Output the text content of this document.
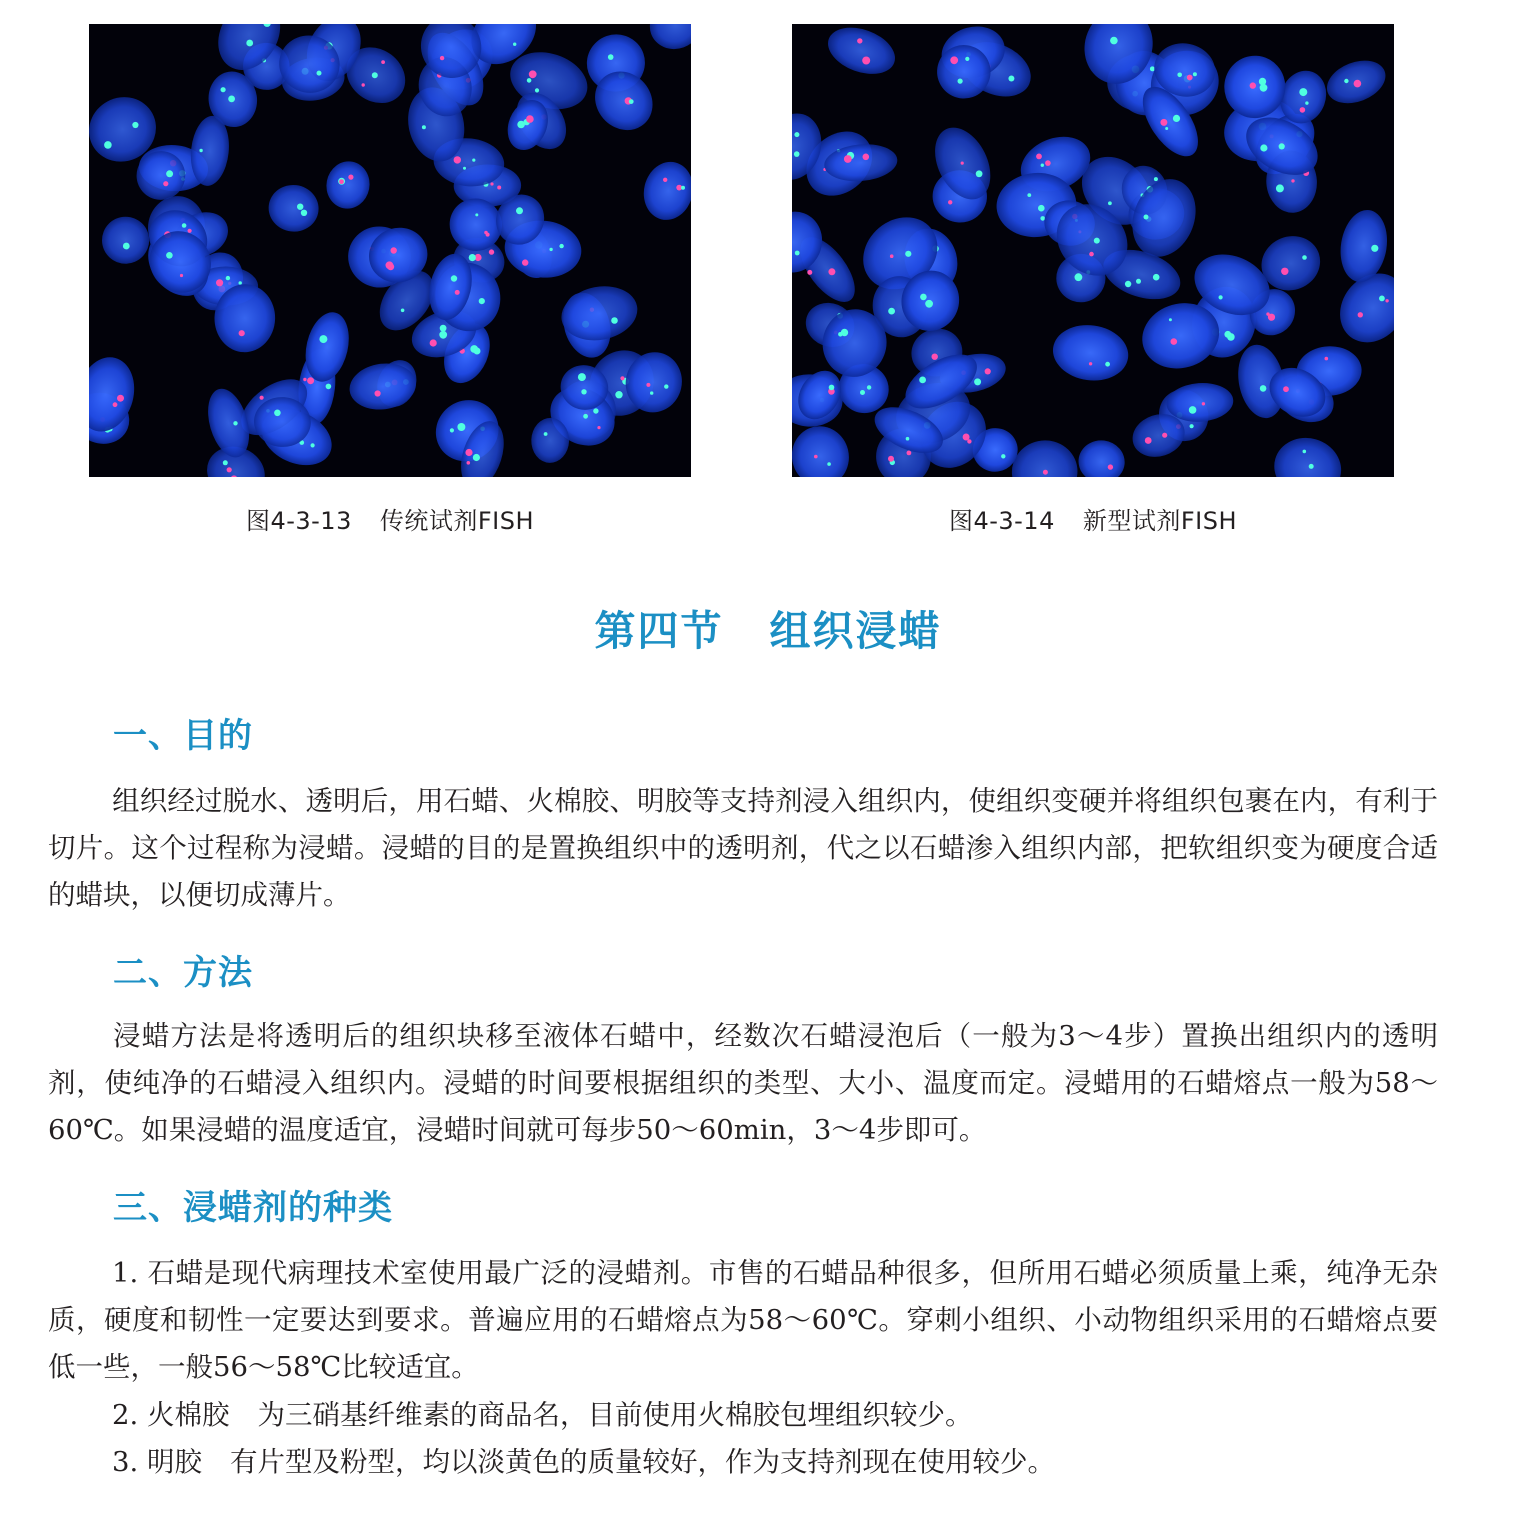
图4-3-13 传统试剂FISH	图4-3-14 新型试剂FISH
第四节 组织浸蜡
一、目的
组织经过脱水、透明后，用石蜡、火棉胶、明胶等支持剂浸入组织内，使组织变硬并将组织包裹在内，有利于切片。这个过程称为浸蜡。浸蜡的目的是置换组织中的透明剂，代之以石蜡渗入组织内部，把软组织变为硬度合适的蜡块，以便切成薄片。
二、方法
浸蜡方法是将透明后的组织块移至液体石蜡中，经数次石蜡浸泡后（一般为3～4步）置换出组织内的透明剂，使纯净的石蜡浸入组织内。浸蜡的时间要根据组织的类型、大小、温度而定。浸蜡用的石蜡熔点一般为58～60℃。如果浸蜡的温度适宜，浸蜡时间就可每步50～60min，3～4步即可。
三、浸蜡剂的种类
1. 石蜡是现代病理技术室使用最广泛的浸蜡剂。市售的石蜡品种很多，但所用石蜡必须质量上乘，纯净无杂质，硬度和韧性一定要达到要求。普遍应用的石蜡熔点为58～60℃。穿刺小组织、小动物组织采用的石蜡熔点要低一些，一般56～58℃比较适宜。
2. 火棉胶 为三硝基纤维素的商品名，目前使用火棉胶包埋组织较少。
3. 明胶 有片型及粉型，均以淡黄色的质量较好，作为支持剂现在使用较少。
